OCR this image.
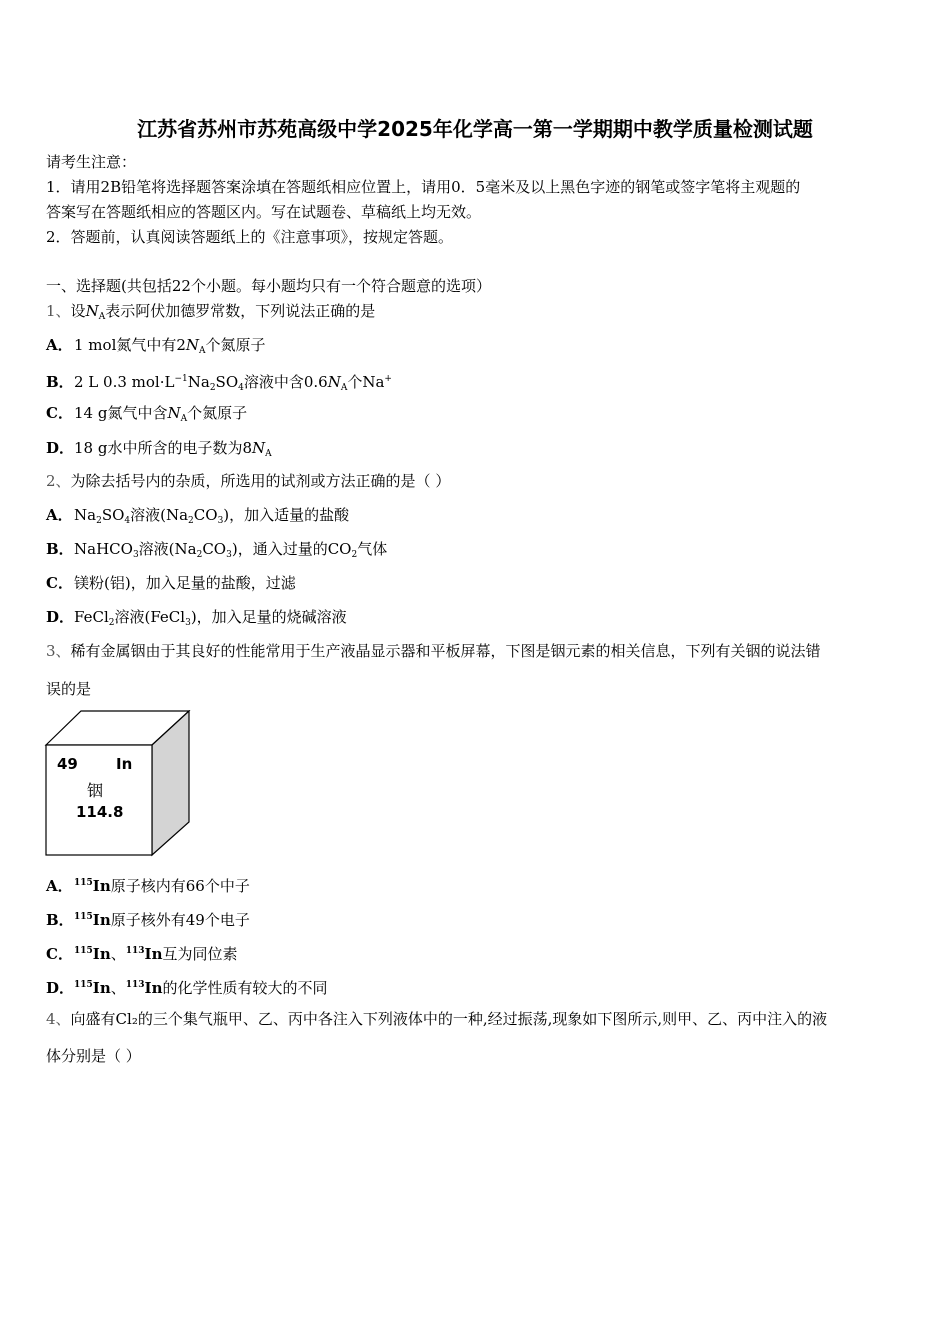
江苏省苏州市苏苑高级中学2025年化学高一第一学期期中教学质量检测试题
请考生注意：
1．请用2B铅笔将选择题答案涂填在答题纸相应位置上，请用0．5毫米及以上黑色字迹的钢笔或签字笔将主观题的
答案写在答题纸相应的答题区内。写在试题卷、草稿纸上均无效。
2．答题前，认真阅读答题纸上的《注意事项》，按规定答题。
一、选择题(共包括22个小题。每小题均只有一个符合题意的选项）
1、设$N_A$表示阿伏加德罗常数，下列说法正确的是
A．1 mol氮气中有$2N_A$个氮原子
B．2 L 0.3 $mol\cdot L^{-1}Na_2SO_4$溶液中含$0.6N_A$个Na+
C．14 g氮气中含$N_A$个氮原子
D．18 g水中所含的电子数为$8N_A$
2、为除去括号内的杂质，所选用的试剂或方法正确的是（ ）
A．$Na_2SO_4$溶液$(Na_2CO_3)$，加入适量的盐酸
B．NaHCO$_3$溶液$(Na_2CO_3)$，通入过量的$CO_2$气体
C．镁粉(铝)，加入足量的盐酸，过滤
D．FeCl$_2$溶液(FeCl$_3$)，加入足量的烧碱溶液
3、稀有金属铟由于其良好的性能常用于生产液晶显示器和平板屏幕，下图是铟元素的相关信息，下列有关铟的说法错
误的是
49	In
铟
114.8
A．$^{115}$In原子核内有66个中子
B．$^{115}$In原子核外有49个电子
C．$^{115}$In、$^{113}$In互为同位素
D．$^{115}$In、$^{113}$In的化学性质有较大的不同
4、向盛有Cl₂的三个集气瓶甲、乙、丙中各注入下列液体中的一种,经过振荡,现象如下图所示,则甲、乙、丙中注入的液
体分别是（ ）
